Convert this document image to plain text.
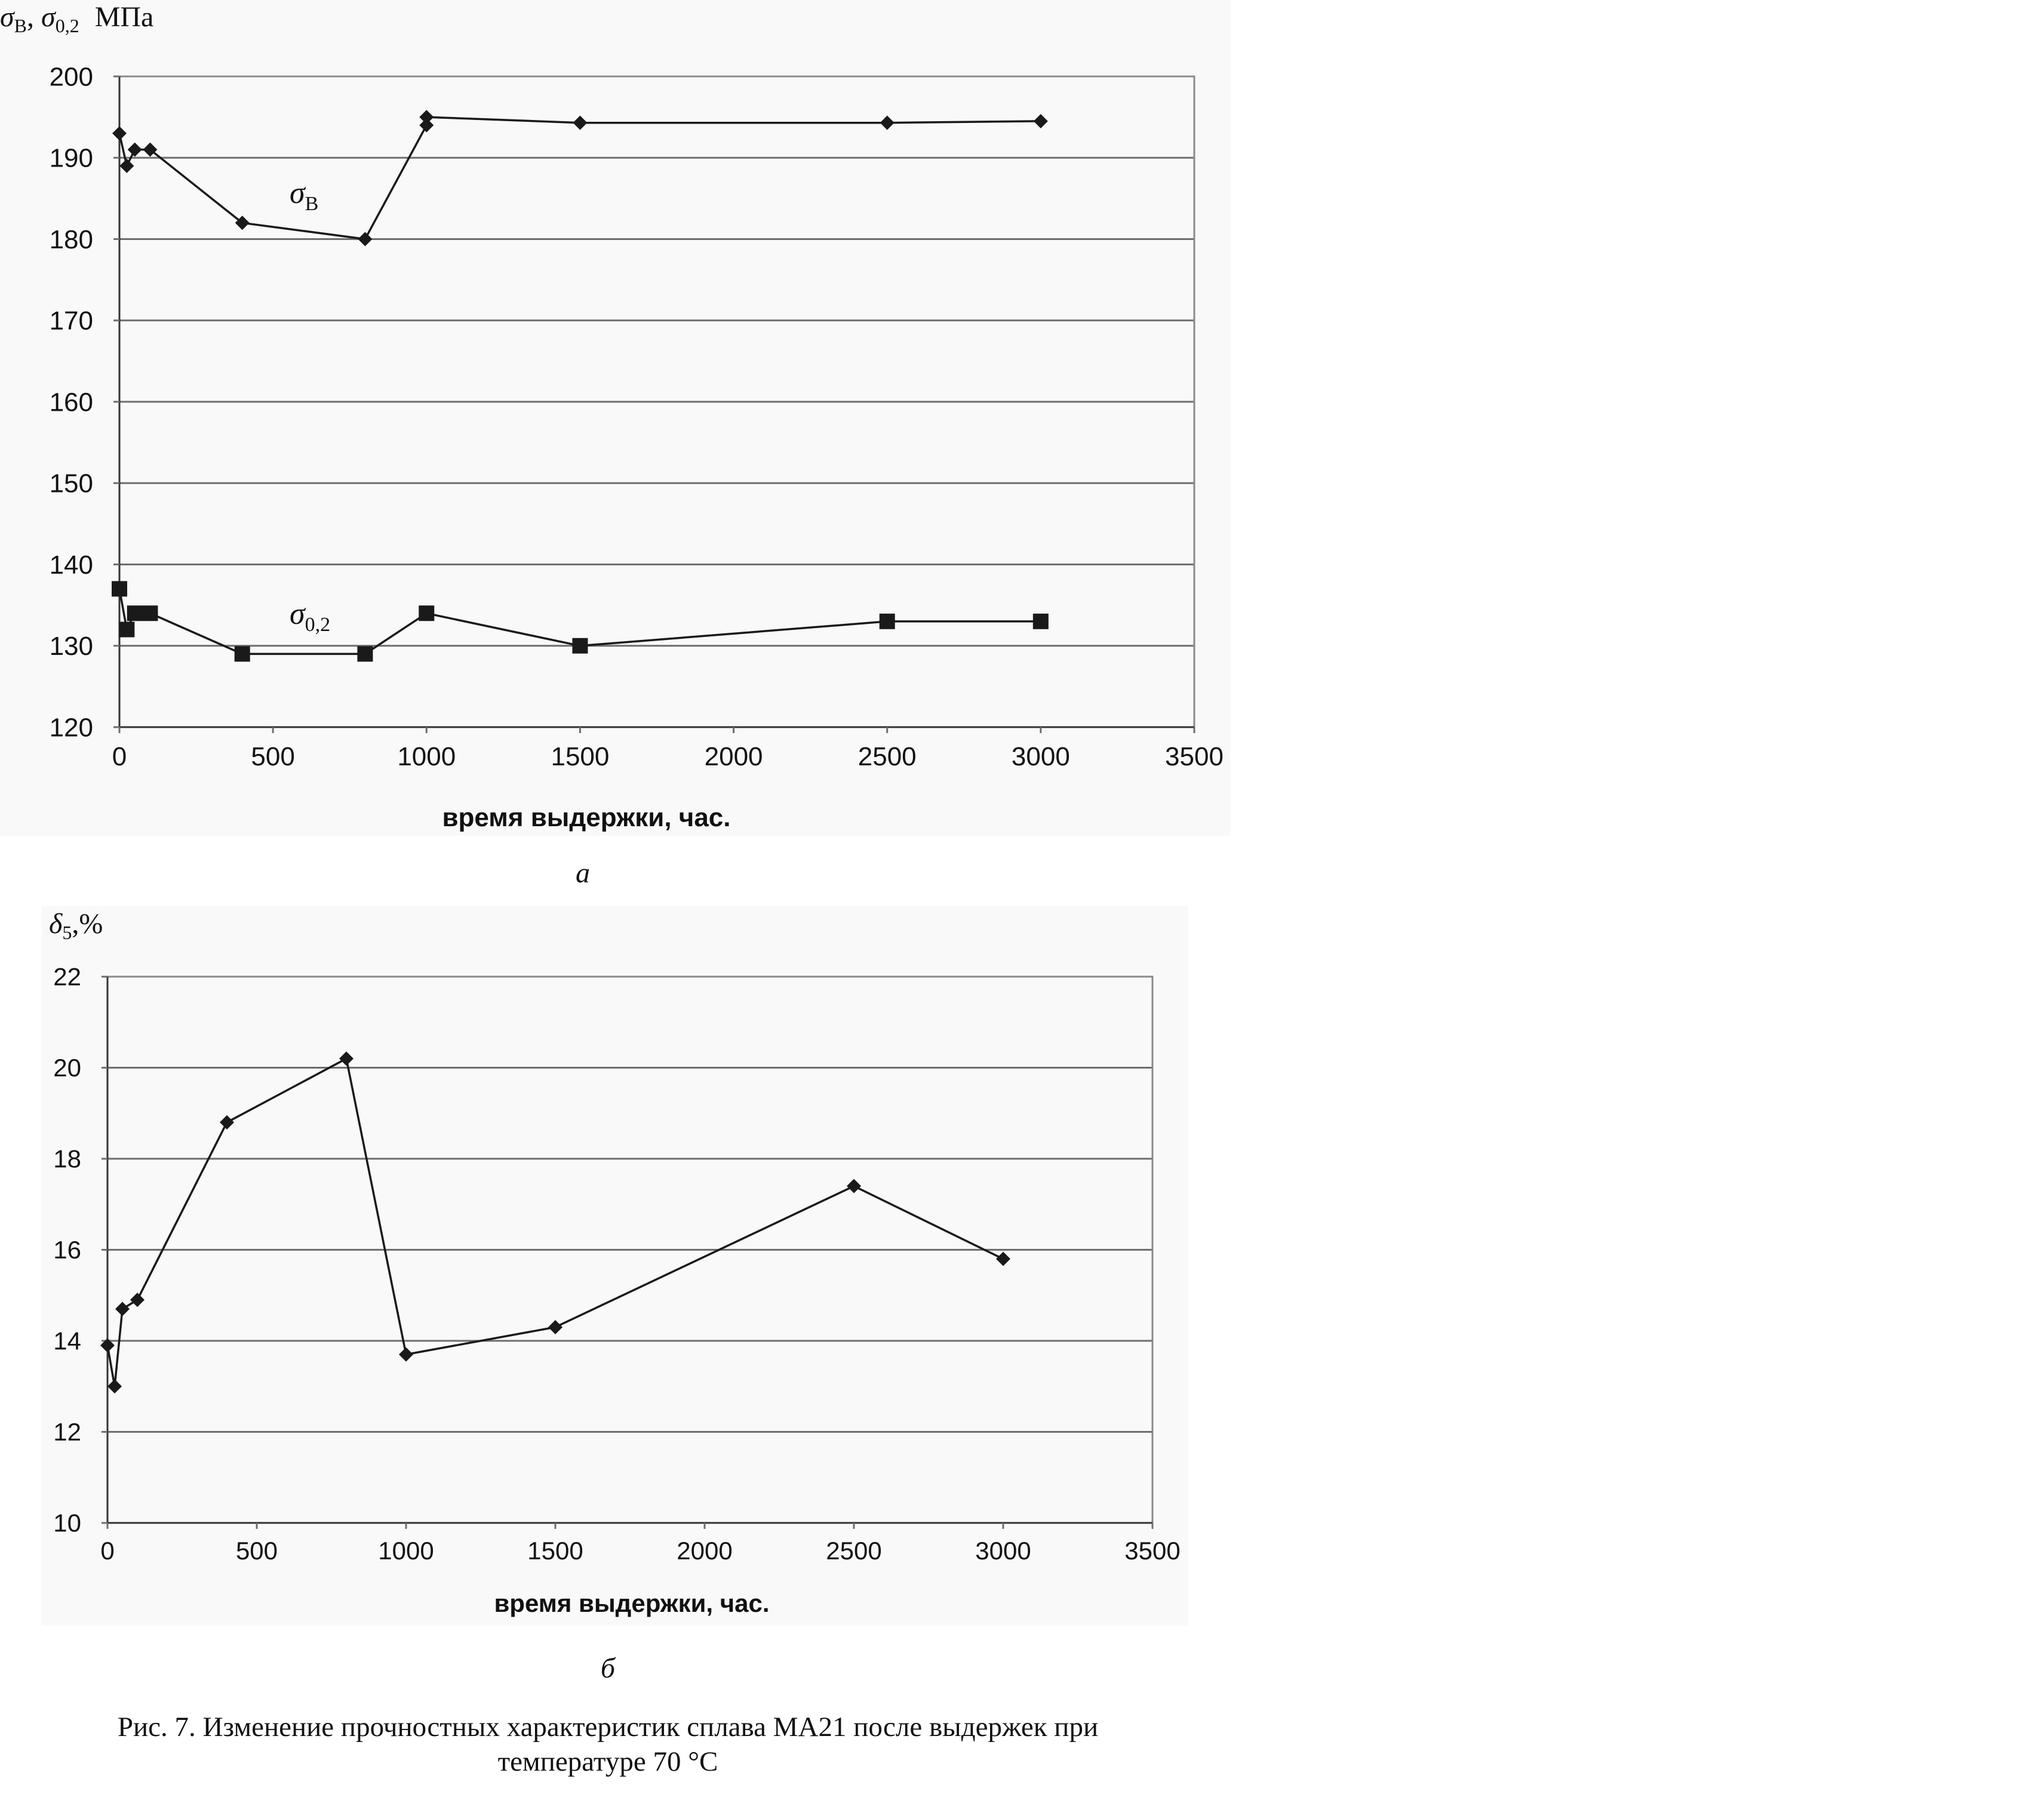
$\sigma_В$, $\sigma_{0,2}$ МПа
120
130
140
150
160
170
180
190
200
0	500	1000	1500	2000	2500	3000	3500
$\sigma_В$
$\sigma_{0,2}$
время выдержки, час.
а
$\delta_5,\%$
10
12
14
16
18
20
22
0	500	1000	1500	2000	2500	3000	3500
время выдержки, час.
б
Рис. 7. Изменение прочностных характеристик сплава МА21 после выдержек при
температуре 70 °С
